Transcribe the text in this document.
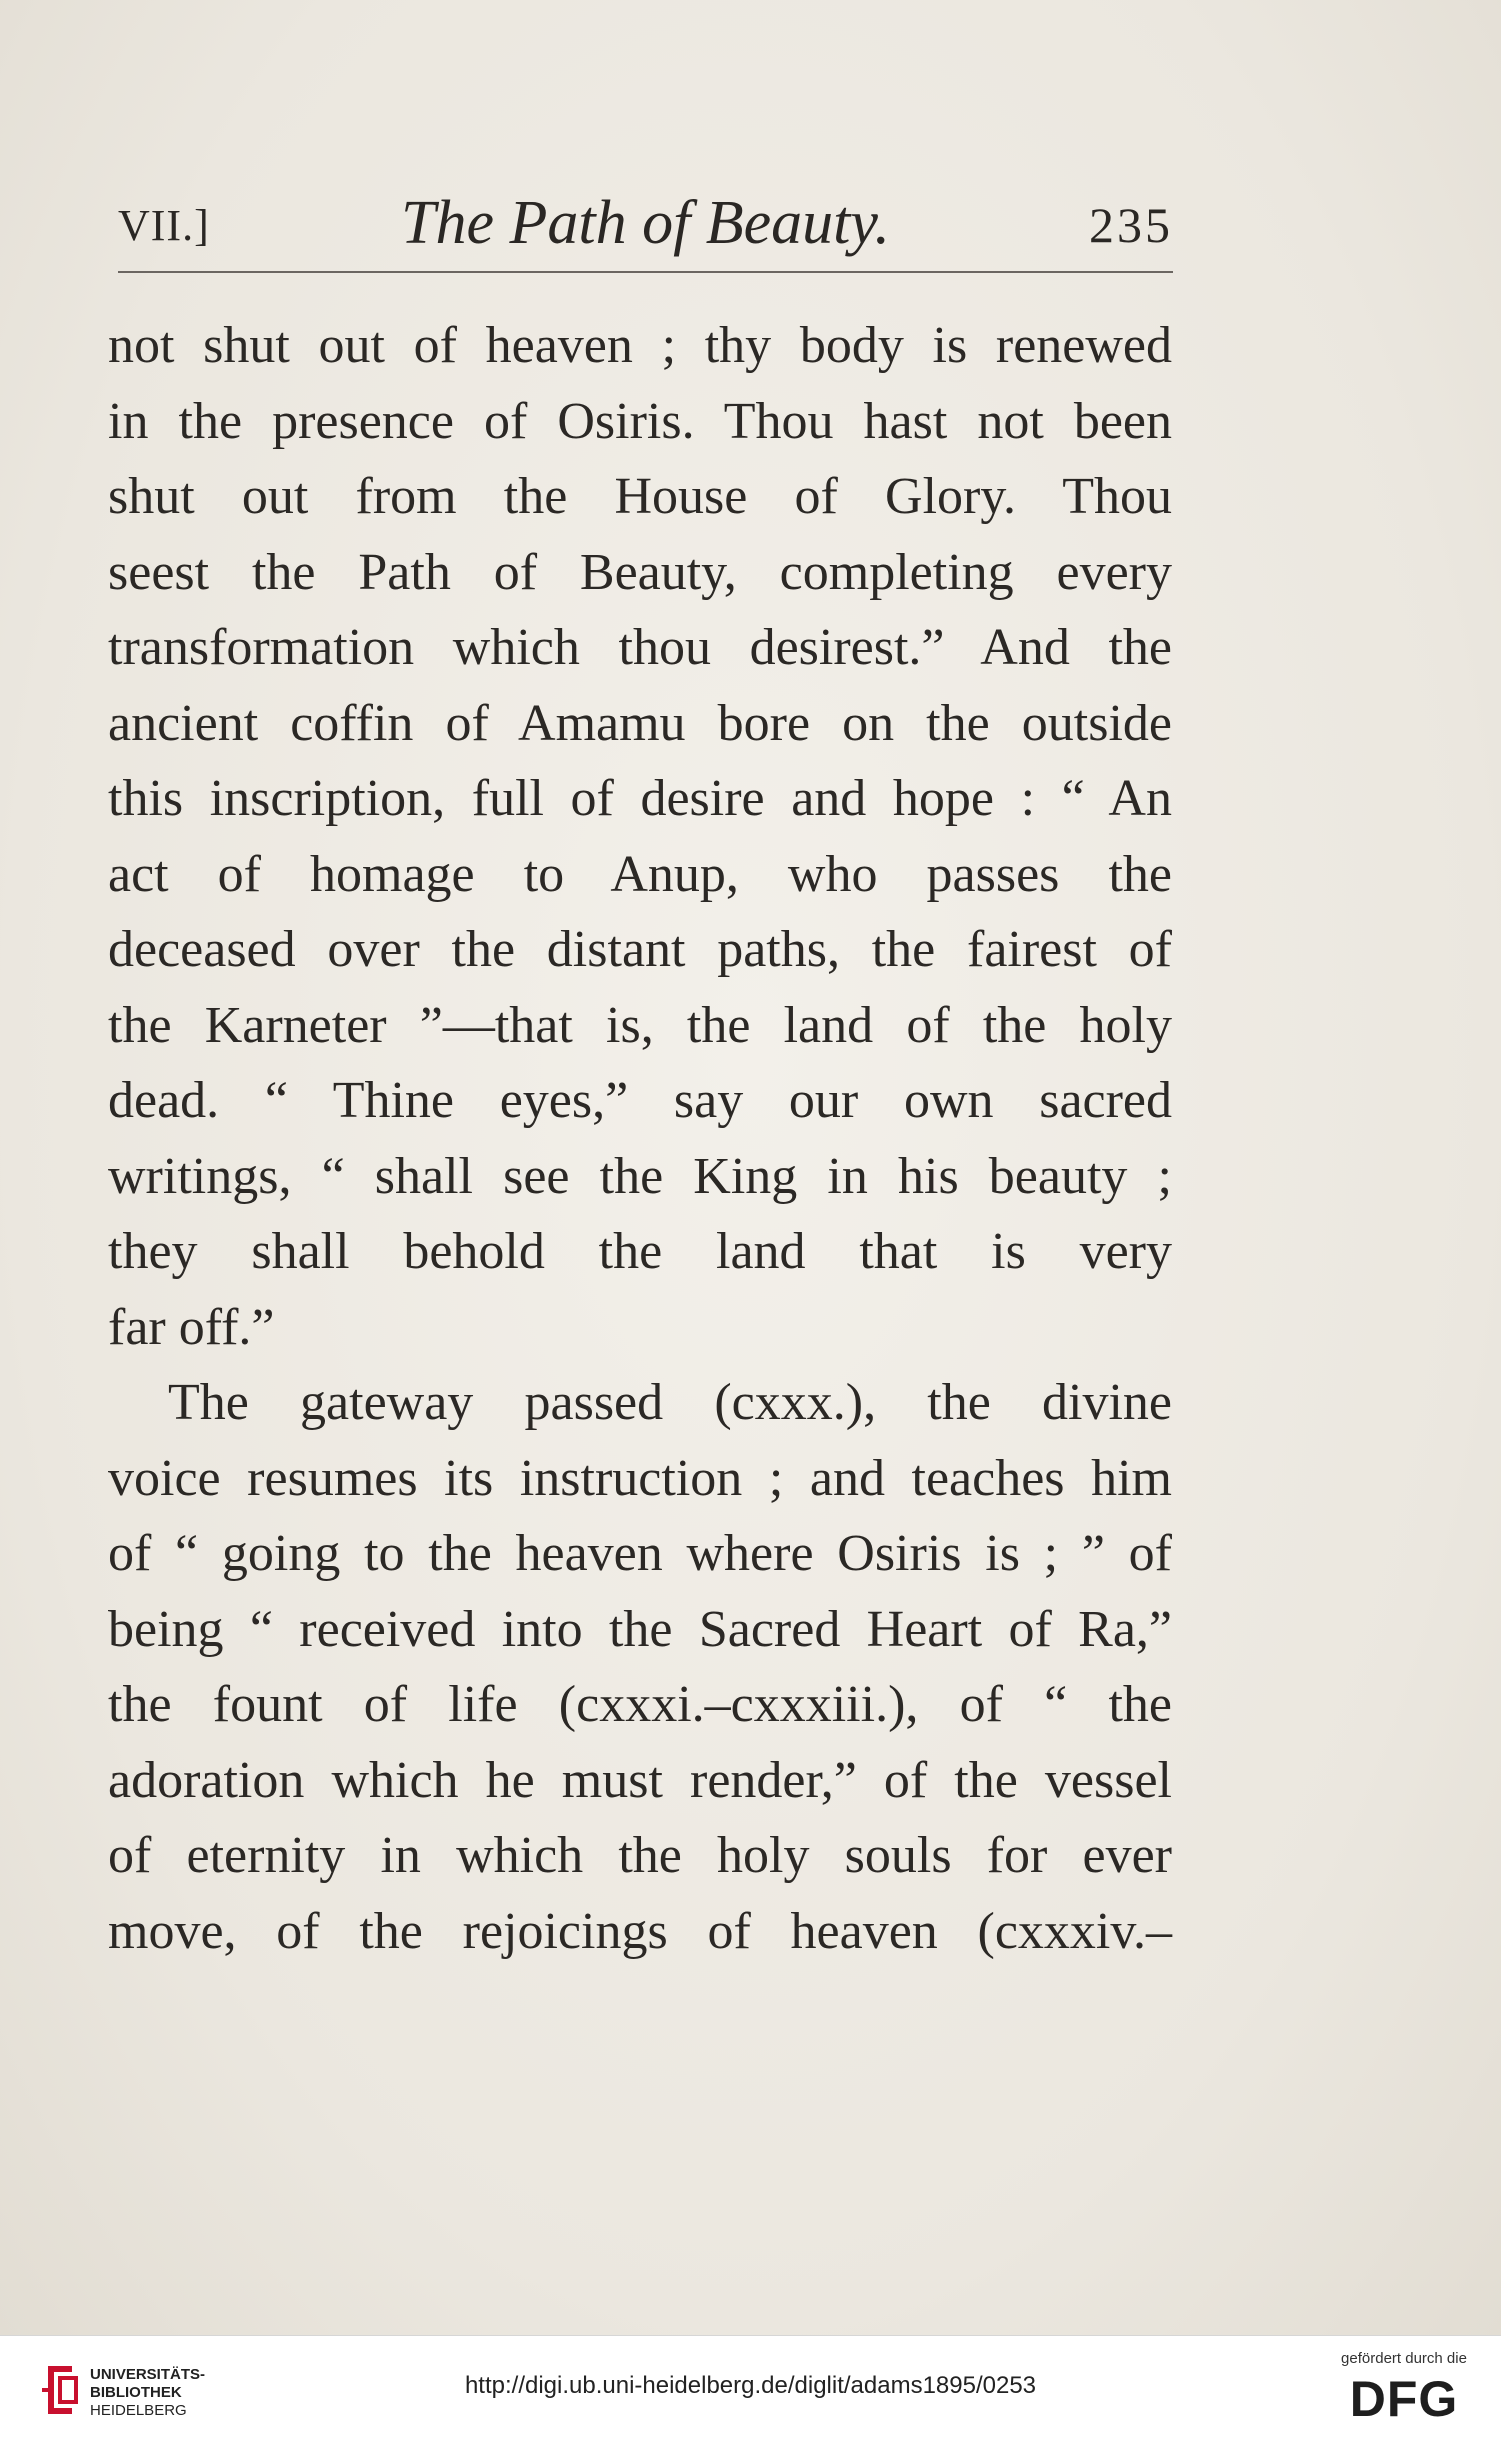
VII.]	The Path of Beauty.	235
not shut out of heaven ; thy body is renewed
in the presence of Osiris. Thou hast not been
shut out from the House of Glory. Thou
seest the Path of Beauty, completing every
transformation which thou desirest.” And the
ancient coffin of Amamu bore on the outside
this inscription, full of desire and hope : “ An
act of homage to Anup, who passes the
deceased over the distant paths, the fairest of
the Karneter ”—that is, the land of the holy
dead. “ Thine eyes,” say our own sacred
writings, “ shall see the King in his beauty ;
they shall behold the land that is very
far off.”
The gateway passed (cxxx.), the divine
voice resumes its instruction ; and teaches him
of “ going to the heaven where Osiris is ; ” of
being “ received into the Sacred Heart of Ra,”
the fount of life (cxxxi.–cxxxiii.), of “ the
adoration which he must render,” of the vessel
of eternity in which the holy souls for ever
move, of the rejoicings of heaven (cxxxiv.–
UNIVERSITÄTS-
BIBLIOTHEK
HEIDELBERG
http://digi.ub.uni-heidelberg.de/diglit/adams1895/0253
gefördert durch die
DFG
